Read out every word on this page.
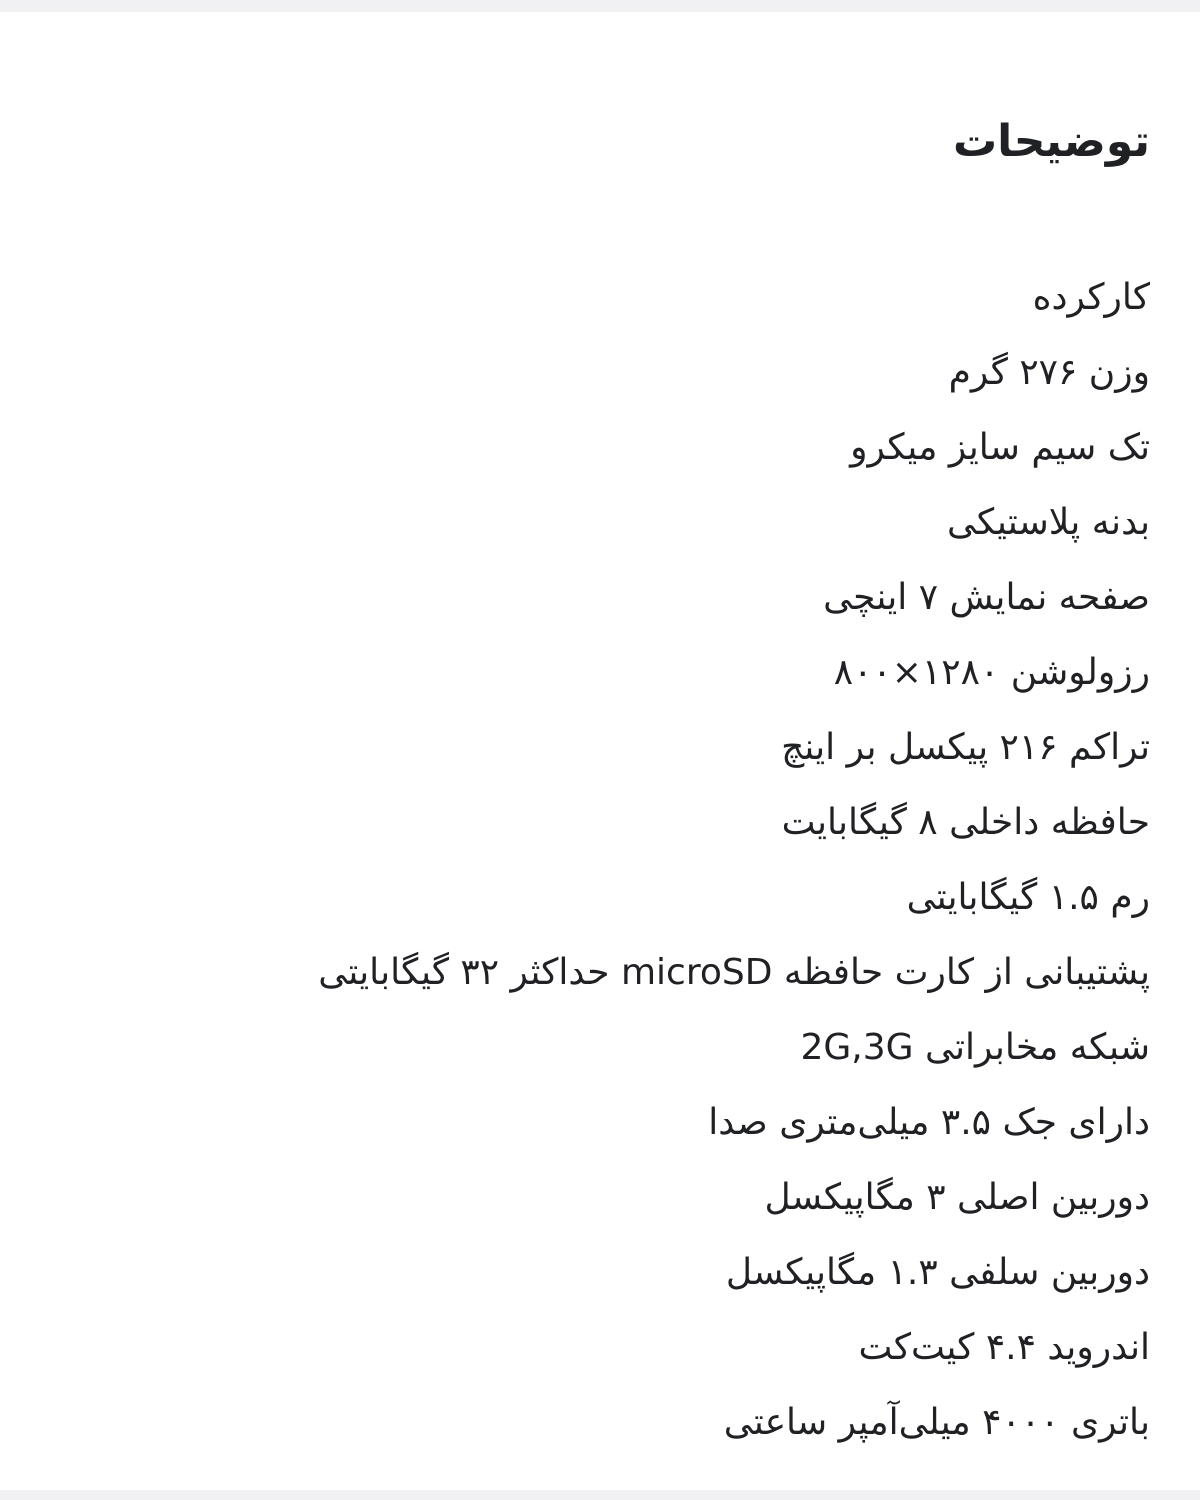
توضیحات
کارکرده
وزن ۲۷۶ گرم
تک سیم سایز میکرو
بدنه پلاستیکی
صفحه نمایش ۷ اینچی
رزولوشن ۱۲۸۰×۸۰۰
تراکم ۲۱۶ پیکسل بر اینچ
حافظه داخلی ۸ گیگابایت
رم ۱.۵ گیگابایتی
پشتیبانی از کارت حافظه microSD حداکثر ۳۲ گیگابایتی
شبکه مخابراتی 2G,3G
دارای جک ۳.۵ میلی‌متری صدا
دوربین اصلی ۳ مگاپیکسل
دوربین سلفی ۱.۳ مگاپیکسل
اندروید ۴.۴ کیت‌کت
باتری ۴۰۰۰ میلی‌آمپر ساعتی
